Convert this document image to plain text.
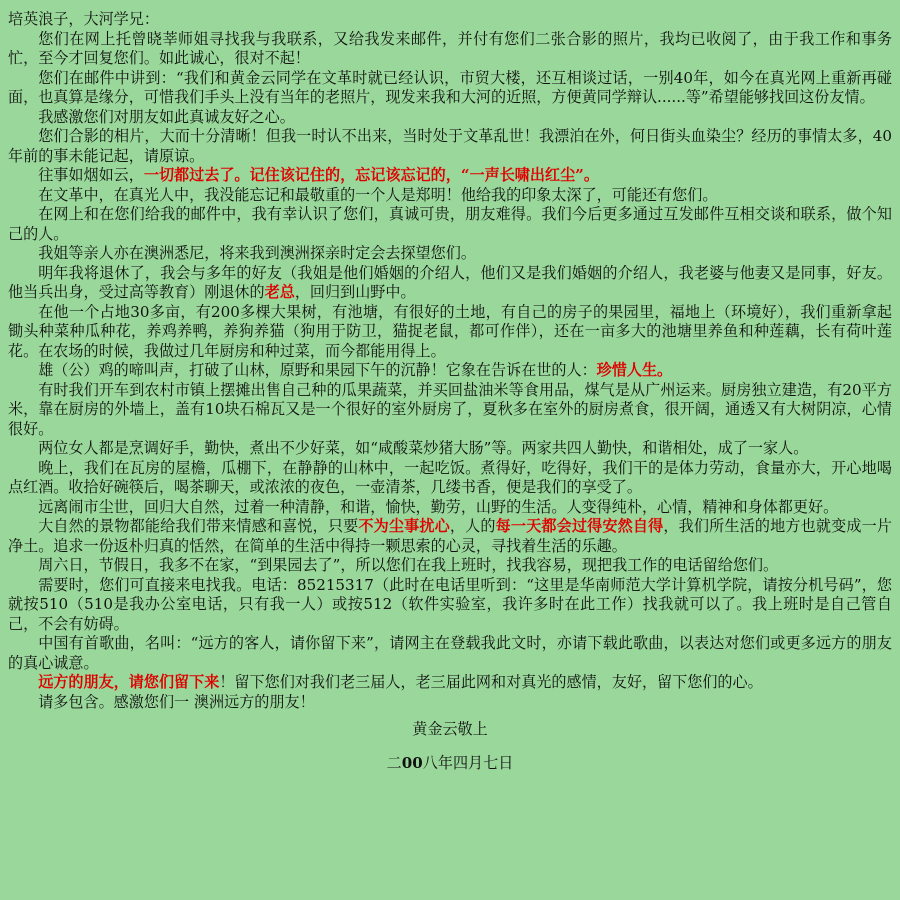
培英浪子，大河学兄：

您们在网上托曾晓莘师姐寻找我与我联系，又给我发来邮件，并付有您们二张合影的照片，我均已收阅了，由于我工作和事务忙，至今才回复您们。如此诚心，很对不起！

您们在邮件中讲到：“我们和黄金云同学在文革时就已经认识，市贸大楼，还互相谈过话，一别40年，如今在真光网上重新再碰面，也真算是缘分，可惜我们手头上没有当年的老照片，现发来我和大河的近照，方便黄同学辩认......等”希望能够找回这份友情。

我感激您们对朋友如此真诚友好之心。

您们合影的相片，大而十分清晰！但我一时认不出来，当时处于文革乱世！我漂泊在外，何日街头血染尘？经历的事情太多，40年前的事未能记起，请原谅。

往事如烟如云，一切都过去了。记住该记住的，忘记该忘记的，“一声长啸出红尘”。

在文革中，在真光人中，我没能忘记和最敬重的一个人是郑明！他给我的印象太深了，可能还有您们。

在网上和在您们给我的邮件中，我有幸认识了您们，真诚可贵，朋友难得。我们今后更多通过互发邮件互相交谈和联系，做个知己的人。

我姐等亲人亦在澳洲悉尼，将来我到澳洲探亲时定会去探望您们。

明年我将退休了，我会与多年的好友（我姐是他们婚姻的介绍人，他们又是我们婚姻的介绍人，我老婆与他妻又是同事，好友。他当兵出身，受过高等教育）刚退休的老总，回归到山野中。

在他一个占地30多亩，有200多棵大果树，有池塘，有很好的土地，有自己的房子的果园里，福地上（环境好），我们重新拿起锄头种菜种瓜种花，养鸡养鸭，养狗养猫（狗用于防卫，猫捉老鼠，都可作伴），还在一亩多大的池塘里养鱼和种莲藕，长有荷叶莲花。在农场的时候，我做过几年厨房和种过菜，而今都能用得上。

雄（公）鸡的啼叫声，打破了山林，原野和果园下午的沉静！它象在告诉在世的人：珍惜人生。

有时我们开车到农村市镇上摆摊出售自己种的瓜果蔬菜，并买回盐油米等食用品，煤气是从广州运来。厨房独立建造，有20平方米，靠在厨房的外墙上，盖有10块石棉瓦又是一个很好的室外厨房了，夏秋多在室外的厨房煮食，很开阔，通透又有大树阴凉，心情很好。

两位女人都是烹调好手，勤快，煮出不少好菜，如“咸酸菜炒猪大肠”等。两家共四人勤快，和谐相处，成了一家人。

晚上，我们在瓦房的屋檐，瓜棚下，在静静的山林中，一起吃饭。煮得好，吃得好，我们干的是体力劳动，食量亦大，开心地喝点红酒。收拾好碗筷后，喝茶聊天，或浓浓的夜色，一壶清茶，几缕书香，便是我们的享受了。

远离闹市尘世，回归大自然，过着一种清静，和谐，愉快，勤劳，山野的生活。人变得纯朴，心情，精神和身体都更好。

大自然的景物都能给我们带来情感和喜悦，只要不为尘事扰心，人的每一天都会过得安然自得，我们所生活的地方也就变成一片净土。追求一份返朴归真的恬然，在简单的生活中得持一颗思索的心灵，寻找着生活的乐趣。

周六日，节假日，我多不在家，“到果园去了”，所以您们在我上班时，找我容易，现把我工作的电话留给您们。

需要时，您们可直接来电找我。电话：85215317（此时在电话里听到：“这里是华南师范大学计算机学院，请按分机号码”，您就按510（510是我办公室电话，只有我一人）或按512（软件实验室，我许多时在此工作）找我就可以了。我上班时是自己管自己，不会有妨碍。

中国有首歌曲，名叫：“远方的客人，请你留下来”，请网主在登载我此文时，亦请下载此歌曲，以表达对您们或更多远方的朋友的真心诚意。

远方的朋友，请您们留下来！留下您们对我们老三届人，老三届此网和对真光的感情，友好，留下您们的心。

请多包含。感激您们一 澳洲远方的朋友！

黄金云敬上

二00八年四月七日
